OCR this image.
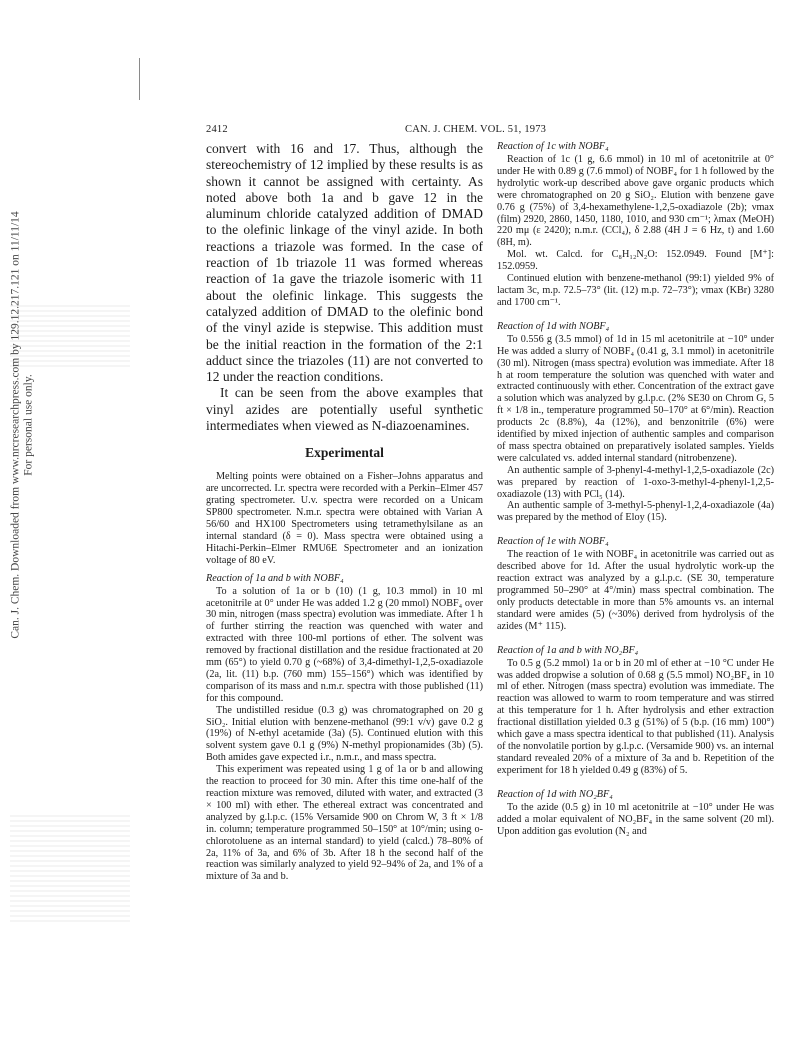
Can. J. Chem. Downloaded from www.nrcresearchpress.com by 129.12.217.121 on 11/11/14 For personal use only.
2412	CAN. J. CHEM. VOL. 51, 1973

convert with 16 and 17. Thus, although the stereochemistry of 12 implied by these results is as shown it cannot be assigned with certainty. As noted above both 1a and b gave 12 in the aluminum chloride catalyzed addition of DMAD to the olefinic linkage of the vinyl azide. In both reactions a triazole was formed. In the case of reaction of 1b triazole 11 was formed whereas reaction of 1a gave the triazole isomeric with 11 about the olefinic linkage. This suggests the catalyzed addition of DMAD to the olefinic bond of the vinyl azide is stepwise. This addition must be the initial reaction in the formation of the 2:1 adduct since the triazoles (11) are not converted to 12 under the reaction conditions.

It can be seen from the above examples that vinyl azides are potentially useful synthetic intermediates when viewed as N-diazoenamines.

Experimental

Melting points were obtained on a Fisher–Johns apparatus and are uncorrected. I.r. spectra were recorded with a Perkin–Elmer 457 grating spectrometer. U.v. spectra were recorded on a Unicam SP800 spectrometer. N.m.r. spectra were obtained with Varian A 56/60 and HX100 Spectrometers using tetramethylsilane as an internal standard (δ = 0). Mass spectra were obtained using a Hitachi-Perkin–Elmer RMU6E Spectrometer and an ionization voltage of 80 eV.

Reaction of 1a and b with NOBF₄

To a solution of 1a or b (10) (1 g, 10.3 mmol) in 10 ml acetonitrile at 0° under He was added 1.2 g (20 mmol) NOBF₄ over 30 min, nitrogen (mass spectra) evolution was immediate. After 1 h of further stirring the reaction was quenched with water and extracted with three 100-ml portions of ether. The solvent was removed by fractional distillation and the residue fractionated at 20 mm (65°) to yield 0.70 g (~68%) of 3,4-dimethyl-1,2,5-oxadiazole (2a, lit. (11) b.p. (760 mm) 155–156°) which was identified by comparison of its mass and n.m.r. spectra with those published (11) for this compound.

The undistilled residue (0.3 g) was chromatographed on 20 g SiO₂. Initial elution with benzene-methanol (99:1 v/v) gave 0.2 g (19%) of N-ethyl acetamide (3a) (5). Continued elution with this solvent system gave 0.1 g (9%) N-methyl propionamides (3b) (5). Both amides gave expected i.r., n.m.r., and mass spectra.

This experiment was repeated using 1 g of 1a or b and allowing the reaction to proceed for 30 min. After this time one-half of the reaction mixture was removed, diluted with water, and extracted (3 × 100 ml) with ether. The ethereal extract was concentrated and analyzed by g.l.p.c. (15% Versamide 900 on Chrom W, 3 ft × 1/8 in. column; temperature programmed 50–150° at 10°/min; using o-chlorotoluene as an internal standard) to yield (calcd.) 78–80% of 2a, 11% of 3a, and 6% of 3b. After 18 h the second half of the reaction was similarly analyzed to yield 92–94% of 2a, and 1% of a mixture of 3a and b.

Reaction of 1c with NOBF₄

Reaction of 1c (1 g, 6.6 mmol) in 10 ml of acetonitrile at 0° under He with 0.89 g (7.6 mmol) of NOBF₄ for 1 h followed by the hydrolytic work-up described above gave organic products which were chromatographed on 20 g SiO₂. Elution with benzene gave 0.76 g (75%) of 3,4-hexamethylene-1,2,5-oxadiazole (2b); νmax (film) 2920, 2860, 1450, 1180, 1010, and 930 cm⁻¹; λmax (MeOH) 220 mμ (ε 2420); n.m.r. (CCl₄), δ 2.88 (4H J = 6 Hz, t) and 1.60 (8H, m).

Mol. wt. Calcd. for C₈H₁₂N₂O: 152.0949. Found [M⁺]: 152.0959.

Continued elution with benzene-methanol (99:1) yielded 9% of lactam 3c, m.p. 72.5–73° (lit. (12) m.p. 72–73°); νmax (KBr) 3280 and 1700 cm⁻¹.

Reaction of 1d with NOBF₄

To 0.556 g (3.5 mmol) of 1d in 15 ml acetonitrile at −10° under He was added a slurry of NOBF₄ (0.41 g, 3.1 mmol) in acetonitrile (30 ml). Nitrogen (mass spectra) evolution was immediate. After 18 h at room temperature the solution was quenched with water and extracted continuously with ether. Concentration of the extract gave a solution which was analyzed by g.l.p.c. (2% SE30 on Chrom G, 5 ft × 1/8 in., temperature programmed 50–170° at 6°/min). Reaction products 2c (8.8%), 4a (12%), and benzonitrile (6%) were identified by mixed injection of authentic samples and comparison of mass spectra obtained on preparatively isolated samples. Yields were calculated vs. added internal standard (nitrobenzene).

An authentic sample of 3-phenyl-4-methyl-1,2,5-oxadiazole (2c) was prepared by reaction of 1-oxo-3-methyl-4-phenyl-1,2,5-oxadiazole (13) with PCl₅ (14).

An authentic sample of 3-methyl-5-phenyl-1,2,4-oxadiazole (4a) was prepared by the method of Eloy (15).

Reaction of 1e with NOBF₄

The reaction of 1e with NOBF₄ in acetonitrile was carried out as described above for 1d. After the usual hydrolytic work-up the reaction extract was analyzed by a g.l.p.c. (SE 30, temperature programmed 50–290° at 4°/min) mass spectral combination. The only products detectable in more than 5% amounts vs. an internal standard were amides (5) (~30%) derived from hydrolysis of the azides (M⁺ 115).

Reaction of 1a and b with NO₂BF₄

To 0.5 g (5.2 mmol) 1a or b in 20 ml of ether at −10 °C under He was added dropwise a solution of 0.68 g (5.5 mmol) NO₂BF₄ in 10 ml of ether. Nitrogen (mass spectra) evolution was immediate. The reaction was allowed to warm to room temperature and was stirred at this temperature for 1 h. After hydrolysis and ether extraction fractional distillation yielded 0.3 g (51%) of 5 (b.p. (16 mm) 100°) which gave a mass spectra identical to that published (11). Analysis of the nonvolatile portion by g.l.p.c. (Versamide 900) vs. an internal standard revealed 20% of a mixture of 3a and b. Repetition of the experiment for 18 h yielded 0.49 g (83%) of 5.

Reaction of 1d with NO₂BF₄

To the azide (0.5 g) in 10 ml acetonitrile at −10° under He was added a molar equivalent of NO₂BF₄ in the same solvent (20 ml). Upon addition gas evolution (N₂ and
